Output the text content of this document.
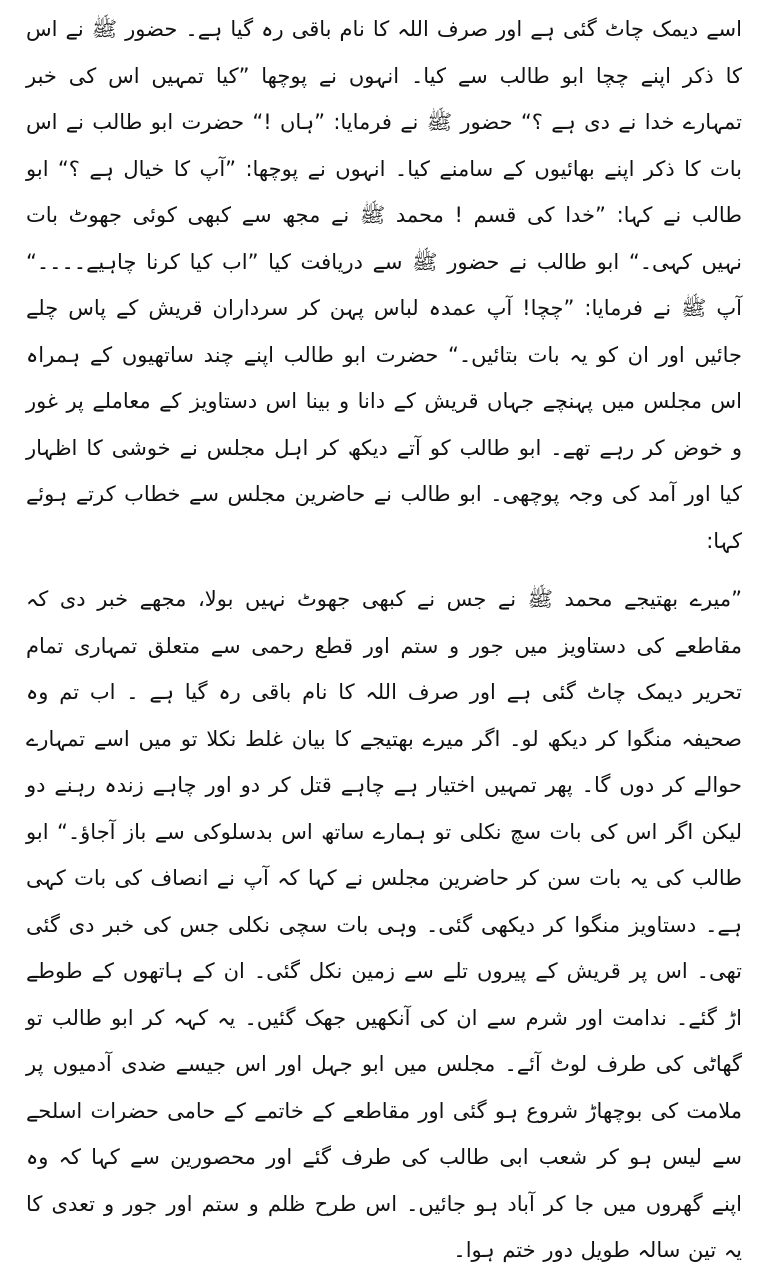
اسے دیمک چاٹ گئی ہے اور صرف اللہ کا نام باقی رہ گیا ہے۔ حضور ﷺ نے اس کا ذکر اپنے چچا ابو طالب سے کیا۔ انہوں نے پوچھا ”کیا تمہیں اس کی خبر تمہارے خدا نے دی ہے ؟“ حضور ﷺ نے فرمایا: ”ہاں !“ حضرت ابو طالب نے اس بات کا ذکر اپنے بھائیوں کے سامنے کیا۔ انہوں نے پوچھا: ”آپ کا خیال ہے ؟“ ابو طالب نے کہا: ”خدا کی قسم ! محمد ﷺ نے مجھ سے کبھی کوئی جھوٹ بات نہیں کہی۔“ ابو طالب نے حضور ﷺ سے دریافت کیا ”اب کیا کرنا چاہیے۔۔۔۔“ آپ ﷺ نے فرمایا: ”چچا! آپ عمدہ لباس پہن کر سرداران قریش کے پاس چلے جائیں اور ان کو یہ بات بتائیں۔“ حضرت ابو طالب اپنے چند ساتھیوں کے ہمراہ اس مجلس میں پہنچے جہاں قریش کے دانا و بینا اس دستاویز کے معاملے پر غور و خوض کر رہے تھے۔ ابو طالب کو آتے دیکھ کر اہل مجلس نے خوشی کا اظہار کیا اور آمد کی وجہ پوچھی۔ ابو طالب نے حاضرین مجلس سے خطاب کرتے ہوئے کہا:

”میرے بھتیجے محمد ﷺ نے جس نے کبھی جھوٹ نہیں بولا، مجھے خبر دی کہ مقاطعے کی دستاویز میں جور و ستم اور قطع رحمی سے متعلق تمہاری تمام تحریر دیمک چاٹ گئی ہے اور صرف اللہ کا نام باقی رہ گیا ہے ۔ اب تم وہ صحیفہ منگوا کر دیکھ لو۔ اگر میرے بھتیجے کا بیان غلط نکلا تو میں اسے تمہارے حوالے کر دوں گا۔ پھر تمہیں اختیار ہے چاہے قتل کر دو اور چاہے زندہ رہنے دو لیکن اگر اس کی بات سچ نکلی تو ہمارے ساتھ اس بدسلوکی سے باز آجاؤ۔“ ابو طالب کی یہ بات سن کر حاضرین مجلس نے کہا کہ آپ نے انصاف کی بات کہی ہے۔ دستاویز منگوا کر دیکھی گئی۔ وہی بات سچی نکلی جس کی خبر دی گئی تھی۔ اس پر قریش کے پیروں تلے سے زمین نکل گئی۔ ان کے ہاتھوں کے طوطے اڑ گئے۔ ندامت اور شرم سے ان کی آنکھیں جھک گئیں۔ یہ کہہ کر ابو طالب تو گھاٹی کی طرف لوٹ آئے۔ مجلس میں ابو جہل اور اس جیسے ضدی آدمیوں پر ملامت کی بوچھاڑ شروع ہو گئی اور مقاطعے کے خاتمے کے حامی حضرات اسلحے سے لیس ہو کر شعب ابی طالب کی طرف گئے اور محصورین سے کہا کہ وہ اپنے گھروں میں جا کر آباد ہو جائیں۔ اس طرح ظلم و ستم اور جور و تعدی کا یہ تین سالہ طویل دور ختم ہوا۔
